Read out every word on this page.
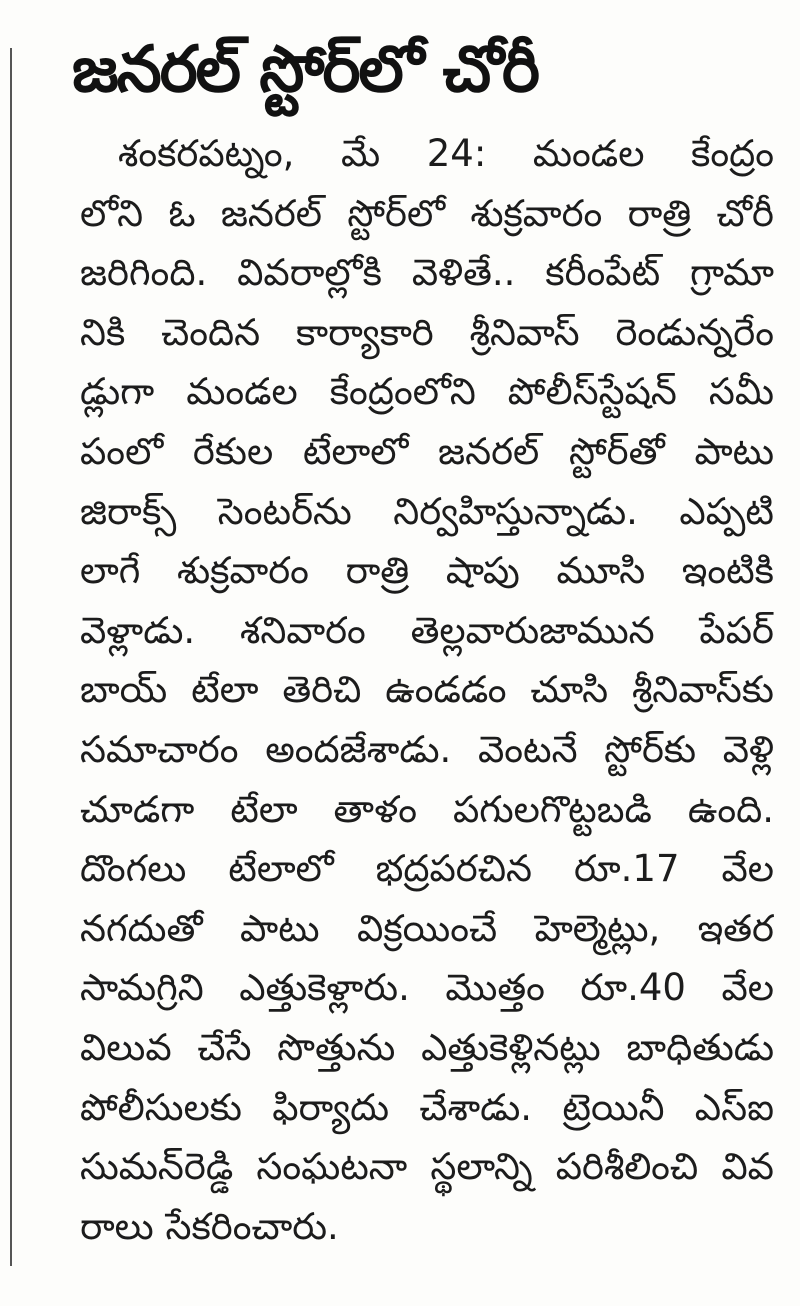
జనరల్ స్టోర్‌లో చోరీ
శంకరపట్నం, మే 24: మండల కేంద్రం
లోని ఓ జనరల్ స్టోర్‌లో శుక్రవారం రాత్రి చోరీ
జరిగింది. వివరాల్లోకి వెళితే.. కరీంపేట్ గ్రామా
నికి చెందిన కార్యాకారి శ్రీనివాస్ రెండున్నరేం
డ్లుగా మండల కేంద్రంలోని పోలీస్‌స్టేషన్ సమీ
పంలో రేకుల టేలాలో జనరల్ స్టోర్‌తో పాటు
జిరాక్స్ సెంటర్‌ను నిర్వహిస్తున్నాడు. ఎప్పటి
లాగే శుక్రవారం రాత్రి షాపు మూసి ఇంటికి
వెళ్లాడు. శనివారం తెల్లవారుజామున పేపర్
బాయ్ టేలా తెరిచి ఉండడం చూసి శ్రీనివాస్‌కు
సమాచారం అందజేశాడు. వెంటనే స్టోర్‌కు వెళ్లి
చూడగా టేలా తాళం పగులగొట్టబడి ఉంది.
దొంగలు టేలాలో భద్రపరచిన రూ.17 వేల
నగదుతో పాటు విక్రయించే హెల్మెట్లు, ఇతర
సామగ్రిని ఎత్తుకెళ్లారు. మొత్తం రూ.40 వేల
విలువ చేసే సొత్తును ఎత్తుకెళ్లినట్లు బాధితుడు
పోలీసులకు ఫిర్యాదు చేశాడు. ట్రెయినీ ఎస్ఐ
సుమన్‌రెడ్డి సంఘటనా స్థలాన్ని పరిశీలించి వివ
రాలు సేకరించారు.
